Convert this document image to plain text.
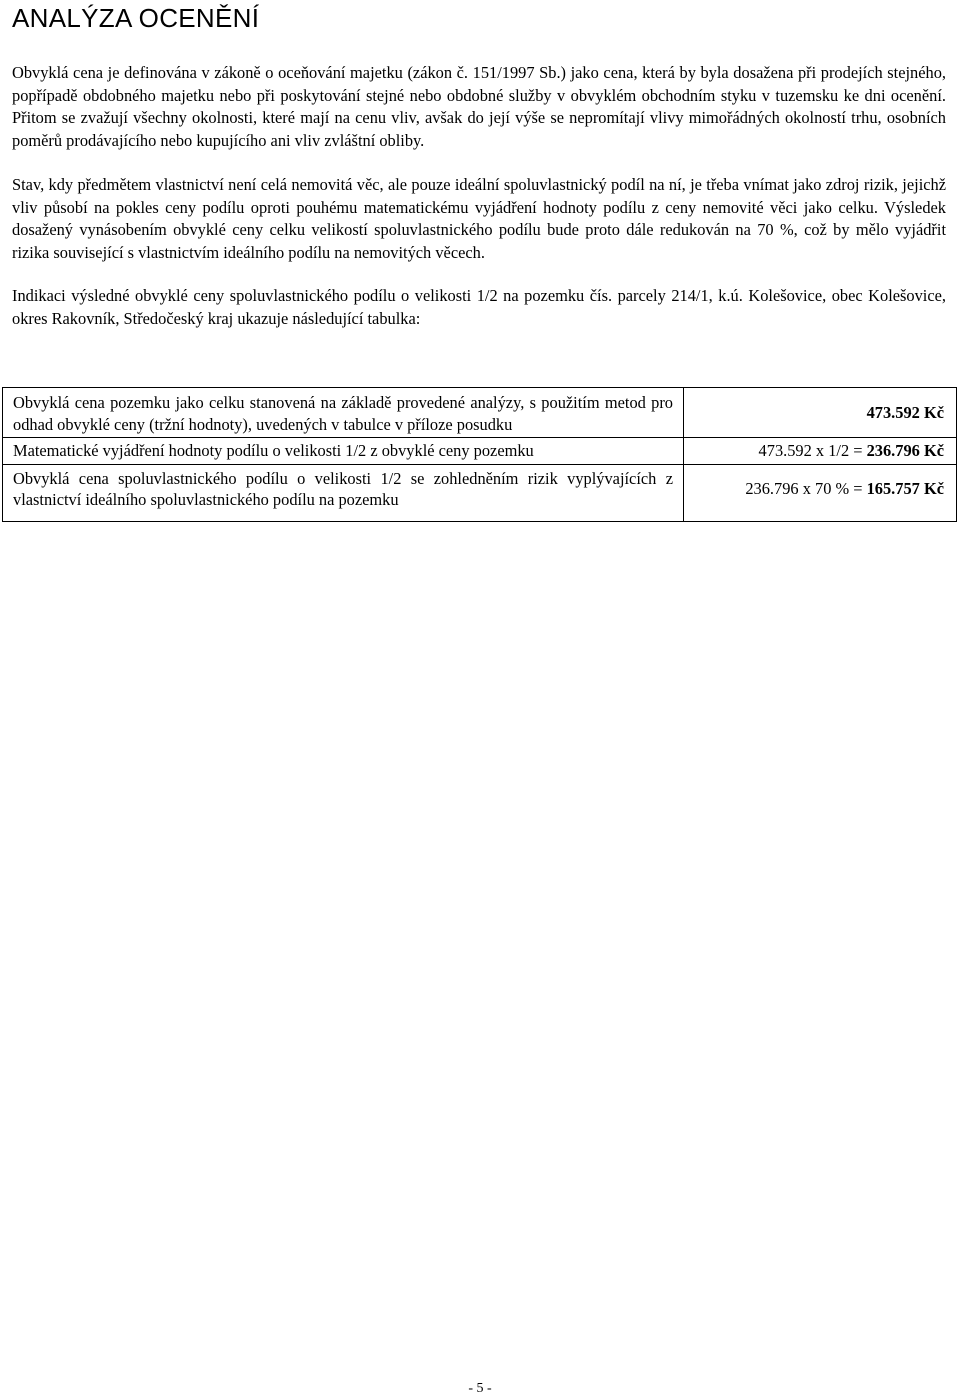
ANALÝZA OCENĚNÍ

Obvyklá cena je definována v zákoně o oceňování majetku (zákon č. 151/1997 Sb.) jako cena, která by byla dosažena při prodejích stejného, popřípadě obdobného majetku nebo při poskytování stejné nebo obdobné služby v obvyklém obchodním styku v tuzemsku ke dni ocenění. Přitom se zvažují všechny okolnosti, které mají na cenu vliv, avšak do její výše se nepromítají vlivy mimořádných okolností trhu, osobních poměrů prodávajícího nebo kupujícího ani vliv zvláštní obliby.

Stav, kdy předmětem vlastnictví není celá nemovitá věc, ale pouze ideální spoluvlastnický podíl na ní, je třeba vnímat jako zdroj rizik, jejichž vliv působí na pokles ceny podílu oproti pouhému matematickému vyjádření hodnoty podílu z ceny nemovité věci jako celku. Výsledek dosažený vynásobením obvyklé ceny celku velikostí spoluvlastnického podílu bude proto dále redukován na 70 %, což by mělo vyjádřit rizika související s vlastnictvím ideálního podílu na nemovitých věcech.

Indikaci výsledné obvyklé ceny spoluvlastnického podílu o velikosti 1/2 na pozemku čís. parcely 214/1, k.ú. Kolešovice, obec Kolešovice, okres Rakovník, Středočeský kraj ukazuje následující tabulka:

Obvyklá cena pozemku jako celku stanovená na základě provedené analýzy, s použitím metod pro odhad obvyklé ceny (tržní hodnoty), uvedených v tabulce v příloze posudku	473.592 Kč
Matematické vyjádření hodnoty podílu o velikosti 1/2 z obvyklé ceny pozemku	473.592 x 1/2 = 236.796 Kč
Obvyklá cena spoluvlastnického podílu o velikosti 1/2 se zohledněním rizik vyplývajících z vlastnictví ideálního spoluvlastnického podílu na pozemku	236.796 x 70 % = 165.757 Kč
- 5 -
